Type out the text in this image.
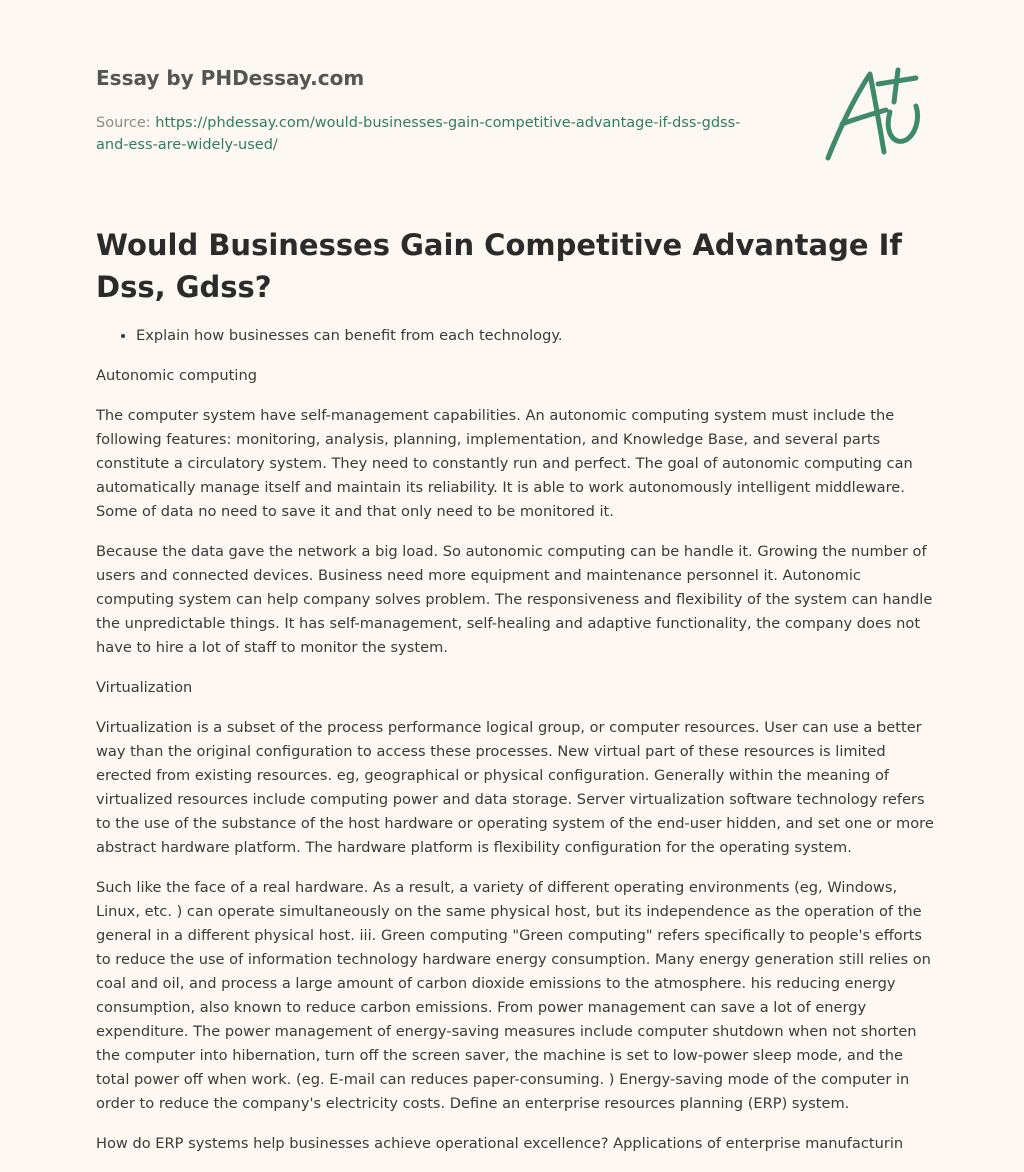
Essay by PHDessay.com
Source: https://phdessay.com/would-businesses-gain-competitive-advantage-if-dss-gdss-and-ess-are-widely-used/
Would Businesses Gain Competitive Advantage If Dss, Gdss?
• Explain how businesses can benefit from each technology.

Autonomic computing

The computer system have self-management capabilities. An autonomic computing system must include the following features: monitoring, analysis, planning, implementation, and Knowledge Base, and several parts constitute a circulatory system. They need to constantly run and perfect. The goal of autonomic computing can automatically manage itself and maintain its reliability. It is able to work autonomously intelligent middleware. Some of data no need to save it and that only need to be monitored it.

Because the data gave the network a big load. So autonomic computing can be handle it. Growing the number of users and connected devices. Business need more equipment and maintenance personnel it. Autonomic computing system can help company solves problem. The responsiveness and flexibility of the system can handle the unpredictable things. It has self-management, self-healing and adaptive functionality, the company does not have to hire a lot of staff to monitor the system.

Virtualization

Virtualization is a subset of the process performance logical group, or computer resources. User can use a better way than the original configuration to access these processes. New virtual part of these resources is limited erected from existing resources. eg, geographical or physical configuration. Generally within the meaning of virtualized resources include computing power and data storage. Server virtualization software technology refers to the use of the substance of the host hardware or operating system of the end-user hidden, and set one or more abstract hardware platform. The hardware platform is flexibility configuration for the operating system.

Such like the face of a real hardware. As a result, a variety of different operating environments (eg, Windows, Linux, etc. ) can operate simultaneously on the same physical host, but its independence as the operation of the general in a different physical host. iii. Green computing "Green computing" refers specifically to people's efforts to reduce the use of information technology hardware energy consumption. Many energy generation still relies on coal and oil, and process a large amount of carbon dioxide emissions to the atmosphere. his reducing energy consumption, also known to reduce carbon emissions. From power management can save a lot of energy expenditure. The power management of energy-saving measures include computer shutdown when not shorten the computer into hibernation, turn off the screen saver, the machine is set to low-power sleep mode, and the total power off when work. (eg. E-mail can reduces paper-consuming. ) Energy-saving mode of the computer in order to reduce the company's electricity costs. Define an enterprise resources planning (ERP) system.

How do ERP systems help businesses achieve operational excellence? Applications of enterprise manufacturin
